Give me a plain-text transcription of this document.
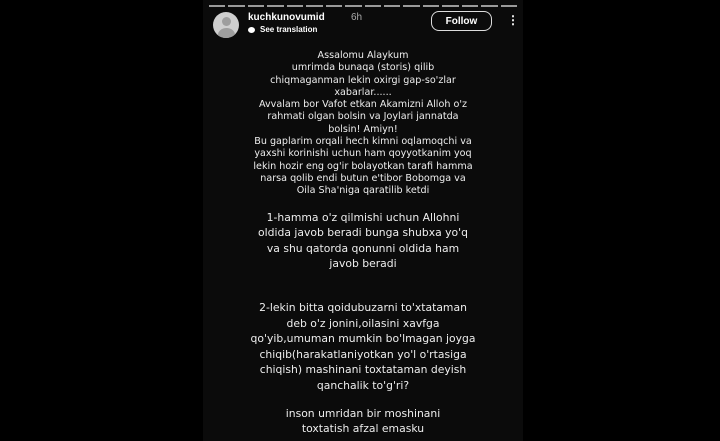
kuchkunovumid	6h
See translation
Follow	⋮
Assalomu Alaykum
umrimda bunaqa (storis) qilib
chiqmaganman lekin oxirgi gap-so'zlar
xabarlar......
Avvalam bor Vafot etkan Akamizni Alloh o'z
rahmati olgan bolsin va Joylari jannatda
bolsin! Amiyn!
Bu gaplarim orqali hech kimni oqlamoqchi va
yaxshi korinishi uchun ham qoyyotkanim yoq
lekin hozir eng og'ir bolayotkan tarafi hamma
narsa qolib endi butun e'tibor Bobomga va
Oila Sha'niga qaratilib ketdi
1-hamma o'z qilmishi uchun Allohni
oldida javob beradi bunga shubxa yo'q
va shu qatorda qonunni oldida ham
javob beradi
2-lekin bitta qoidubuzarni to'xtataman
deb o'z jonini,oilasini xavfga
qo'yib,umuman mumkin bo'lmagan joyga
chiqib(harakatlaniyotkan yo'l o'rtasiga
chiqish) mashinani toxtataman deyish
qanchalik to'g'ri?
inson umridan bir moshinani
toxtatish afzal emasku
